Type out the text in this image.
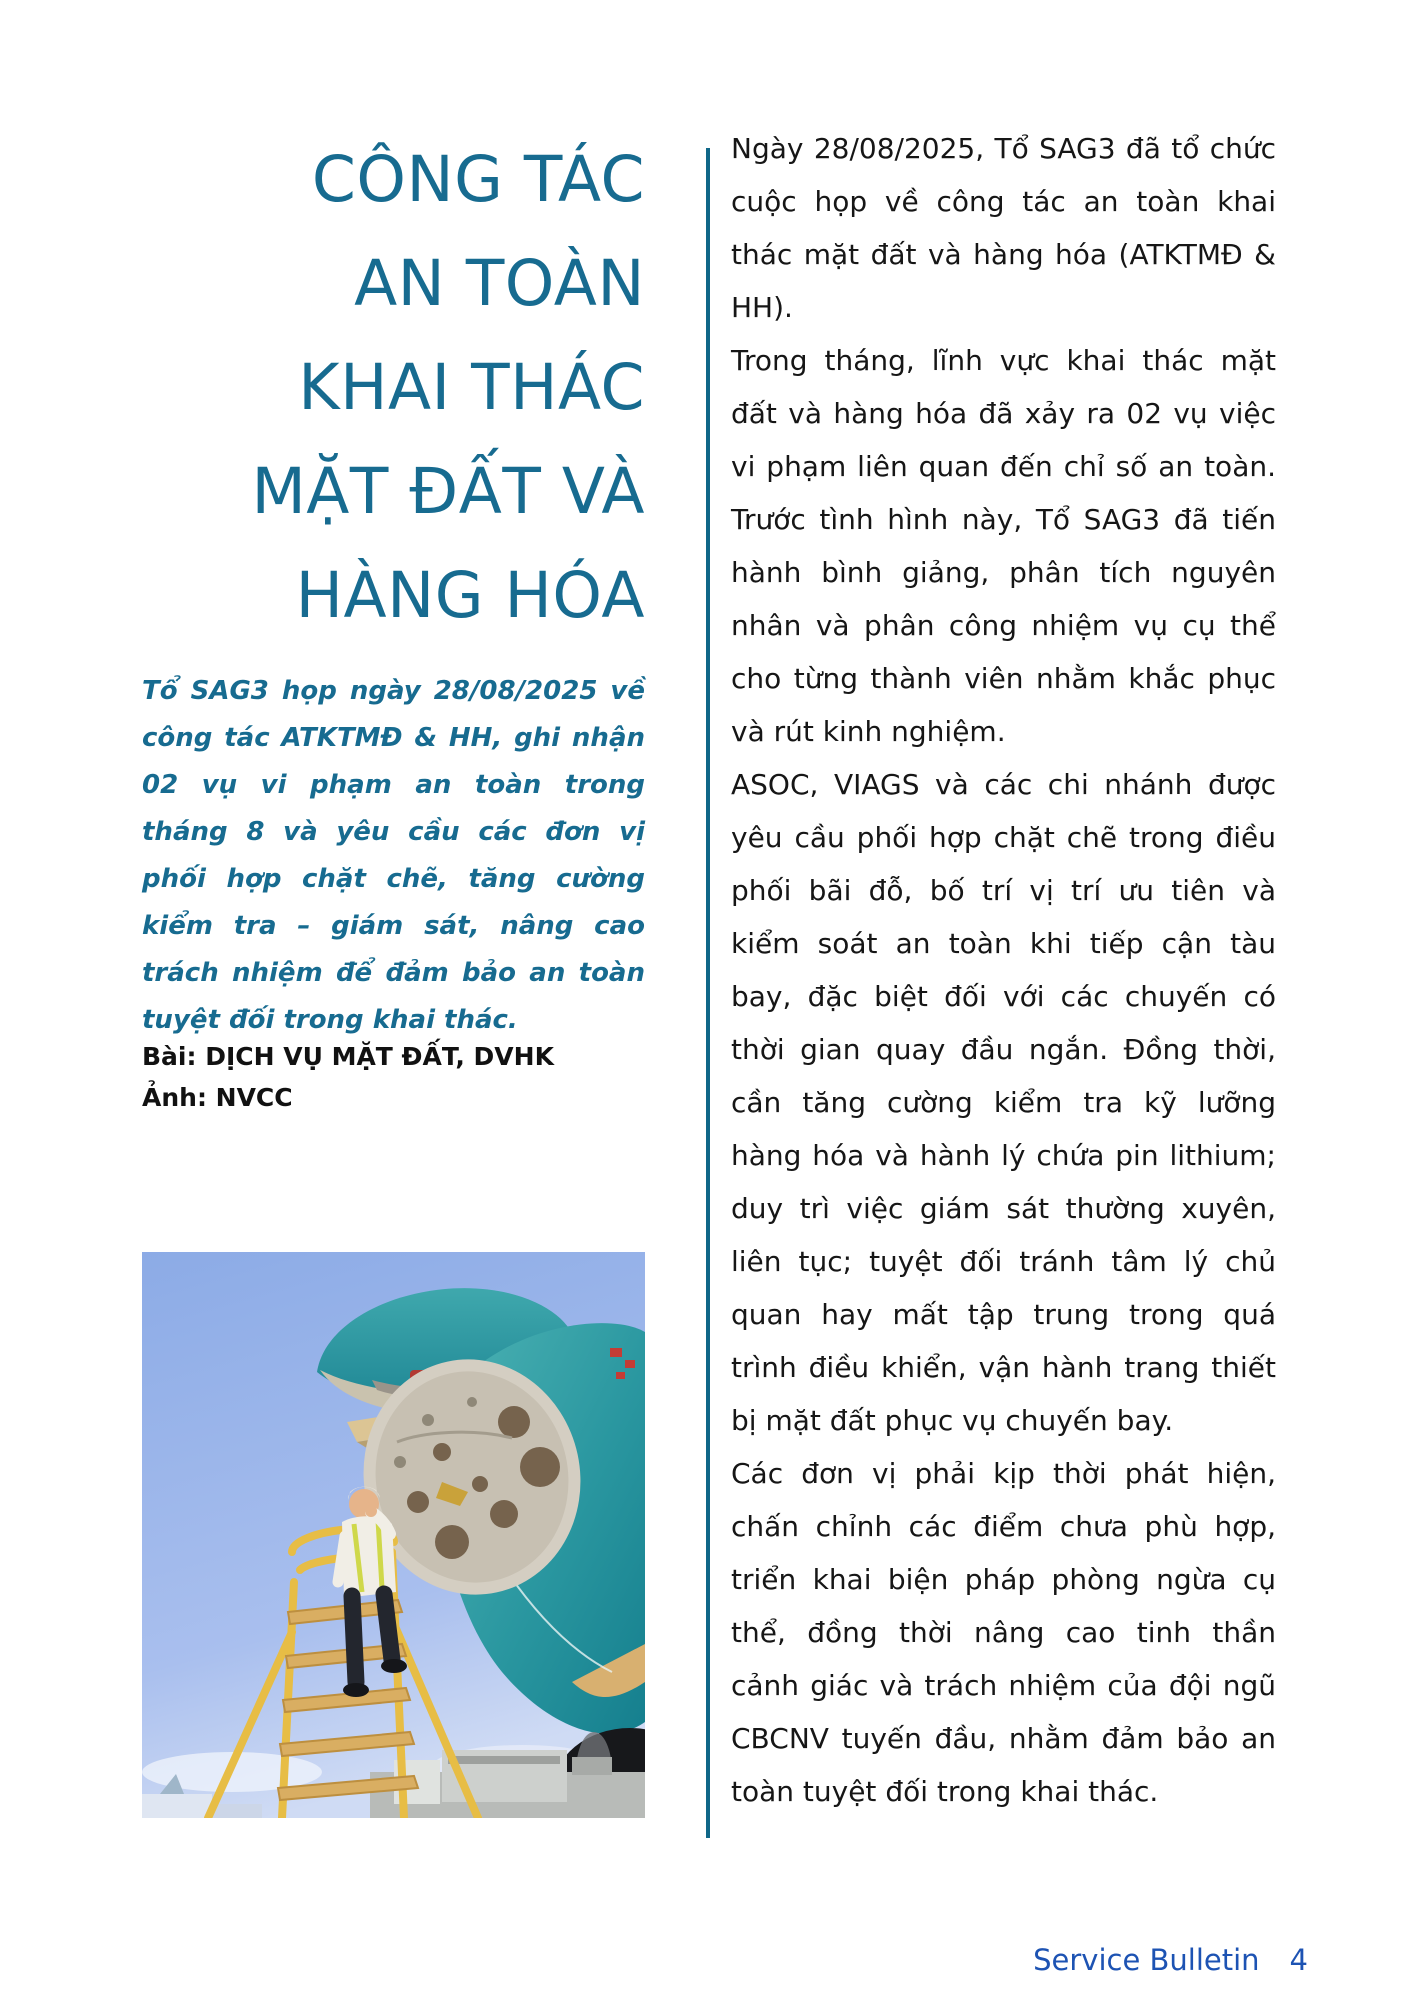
CÔNG TÁC
AN TOÀN
KHAI THÁC
MẶT ĐẤT VÀ
HÀNG HÓA
Tổ SAG3 họp ngày 28/08/2025 về công tác ATKTMĐ & HH, ghi nhận 02 vụ vi phạm an toàn trong tháng 8 và yêu cầu các đơn vị phối hợp chặt chẽ, tăng cường kiểm tra – giám sát, nâng cao trách nhiệm để đảm bảo an toàn tuyệt đối trong khai thác.
Bài: DỊCH VỤ MẶT ĐẤT, DVHK
Ảnh: NVCC

Ngày 28/08/2025, Tổ SAG3 đã tổ chức cuộc họp về công tác an toàn khai thác mặt đất và hàng hóa (ATKTMĐ & HH).

Trong tháng, lĩnh vực khai thác mặt đất và hàng hóa đã xảy ra 02 vụ việc vi phạm liên quan đến chỉ số an toàn. Trước tình hình này, Tổ SAG3 đã tiến hành bình giảng, phân tích nguyên nhân và phân công nhiệm vụ cụ thể cho từng thành viên nhằm khắc phục và rút kinh nghiệm.

ASOC, VIAGS và các chi nhánh được yêu cầu phối hợp chặt chẽ trong điều phối bãi đỗ, bố trí vị trí ưu tiên và kiểm soát an toàn khi tiếp cận tàu bay, đặc biệt đối với các chuyến có thời gian quay đầu ngắn. Đồng thời, cần tăng cường kiểm tra kỹ lưỡng hàng hóa và hành lý chứa pin lithium; duy trì việc giám sát thường xuyên, liên tục; tuyệt đối tránh tâm lý chủ quan hay mất tập trung trong quá trình điều khiển, vận hành trang thiết bị mặt đất phục vụ chuyến bay.

Các đơn vị phải kịp thời phát hiện, chấn chỉnh các điểm chưa phù hợp, triển khai biện pháp phòng ngừa cụ thể, đồng thời nâng cao tinh thần cảnh giác và trách nhiệm của đội ngũ CBCNV tuyến đầu, nhằm đảm bảo an toàn tuyệt đối trong khai thác.

Service Bulletin 4
